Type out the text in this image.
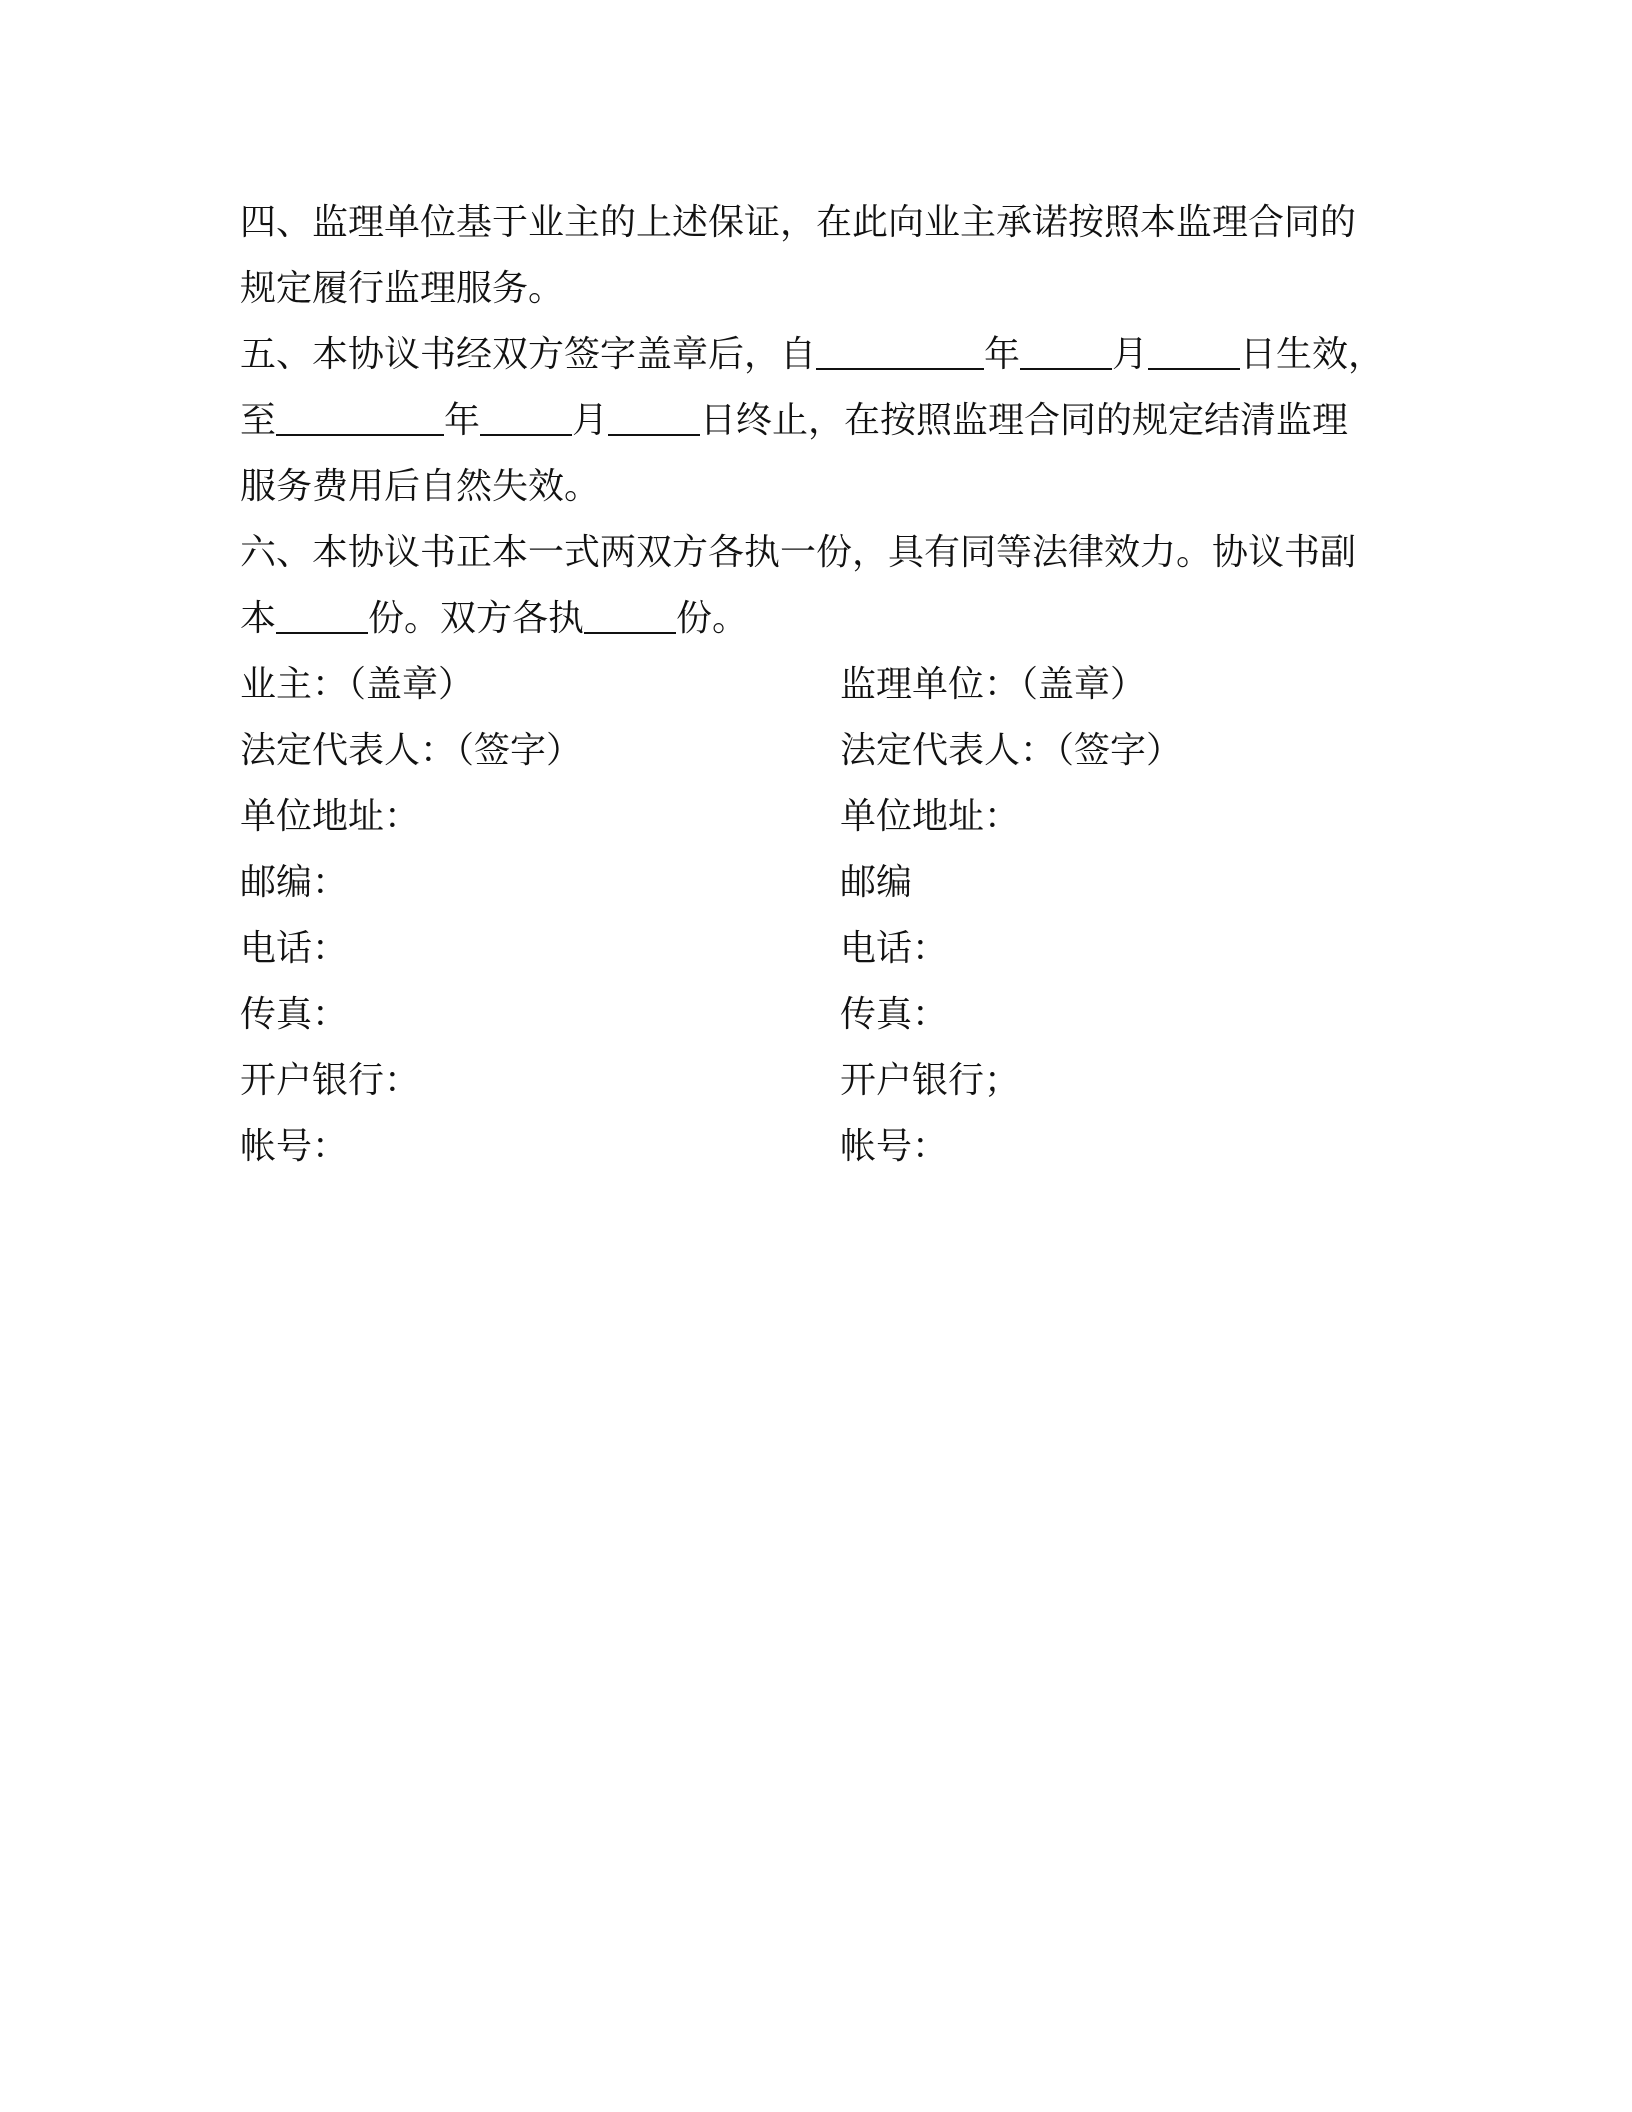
四、监理单位基于业主的上述保证，在此向业主承诺按照本监理合同的
规定履行监理服务。
五、本协议书经双方签字盖章后，自	年	月	日生效，
至	年	月	日终止，在按照监理合同的规定结清监理
服务费用后自然失效。
六、本协议书正本一式两双方各执一份，具有同等法律效力。协议书副
本	份。双方各执	份。
业主：（盖章）	监理单位：（盖章）
法定代表人：（签字）	法定代表人：（签字）
单位地址：	单位地址：
邮编：	邮编
电话：	电话：
传真：	传真：
开户银行：	开户银行；
帐号：	帐号：
